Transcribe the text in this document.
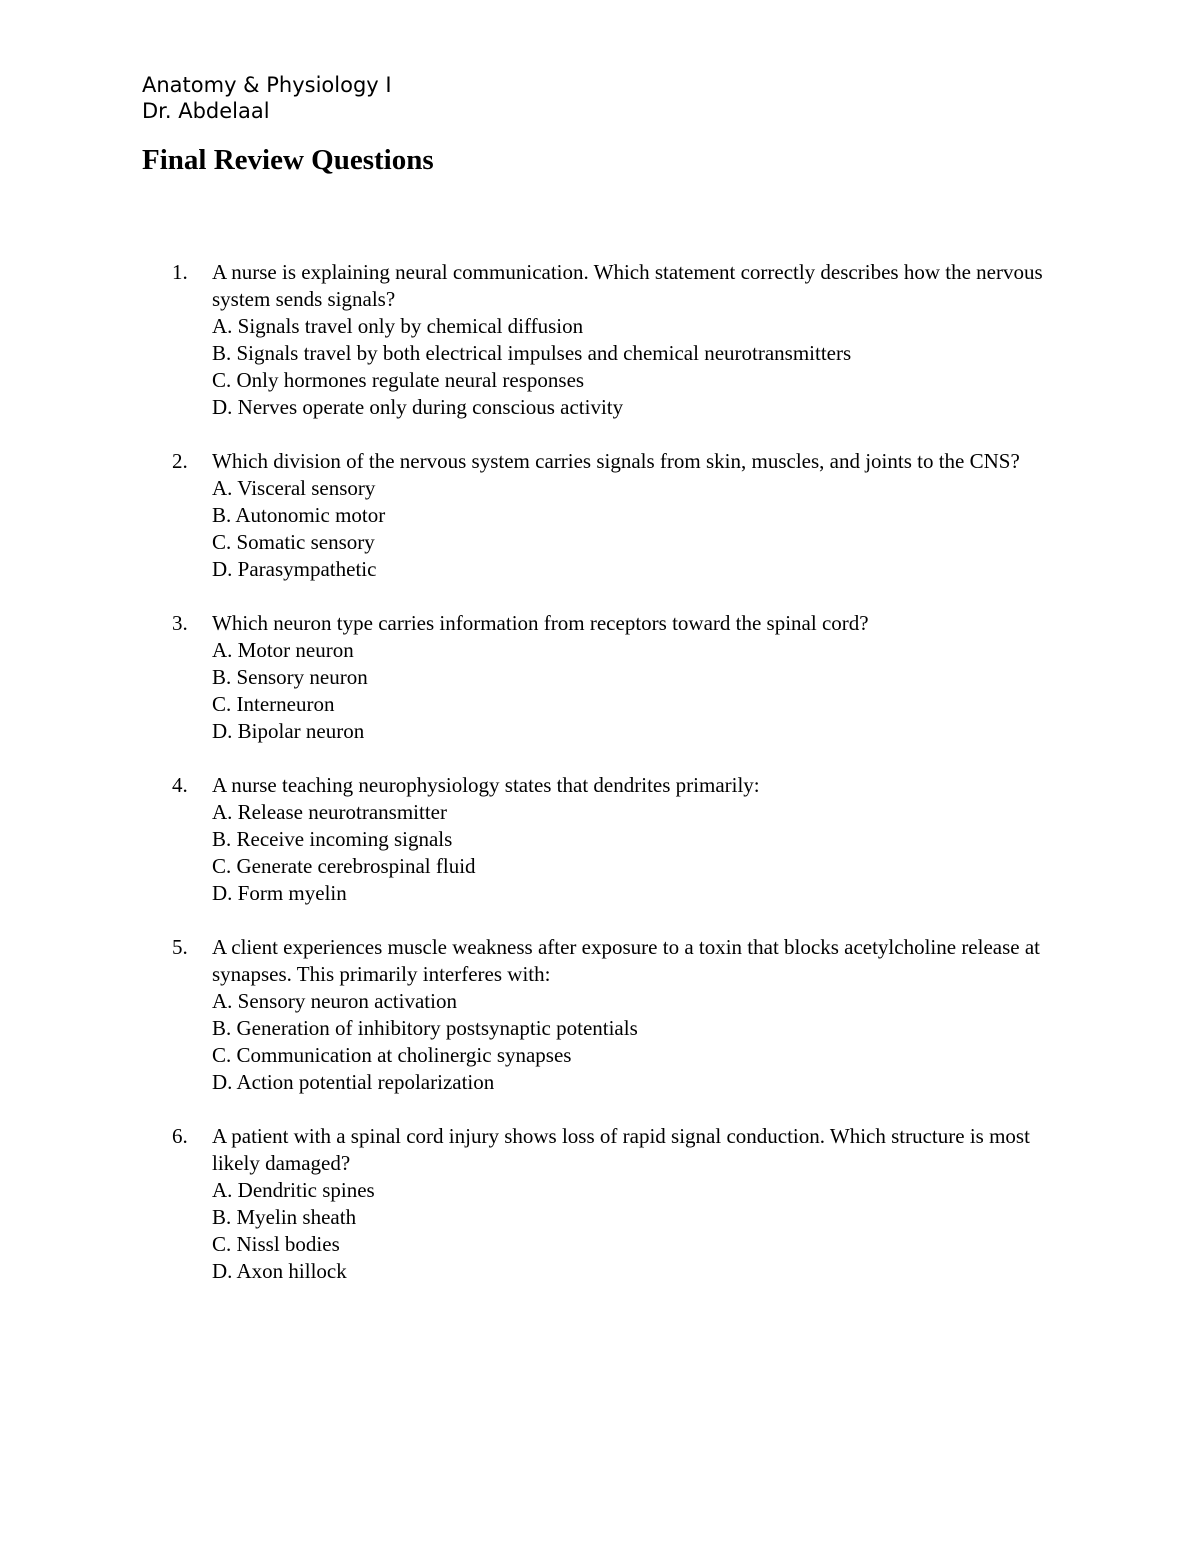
Anatomy & Physiology I
Dr. Abdelaal
Final Review Questions
1. A nurse is explaining neural communication. Which statement correctly describes how the nervous system sends signals?
A. Signals travel only by chemical diffusion
B. Signals travel by both electrical impulses and chemical neurotransmitters
C. Only hormones regulate neural responses
D. Nerves operate only during conscious activity
2. Which division of the nervous system carries signals from skin, muscles, and joints to the CNS?
A. Visceral sensory
B. Autonomic motor
C. Somatic sensory
D. Parasympathetic
3. Which neuron type carries information from receptors toward the spinal cord?
A. Motor neuron
B. Sensory neuron
C. Interneuron
D. Bipolar neuron
4. A nurse teaching neurophysiology states that dendrites primarily:
A. Release neurotransmitter
B. Receive incoming signals
C. Generate cerebrospinal fluid
D. Form myelin
5. A client experiences muscle weakness after exposure to a toxin that blocks acetylcholine release at synapses. This primarily interferes with:
A. Sensory neuron activation
B. Generation of inhibitory postsynaptic potentials
C. Communication at cholinergic synapses
D. Action potential repolarization
6. A patient with a spinal cord injury shows loss of rapid signal conduction. Which structure is most likely damaged?
A. Dendritic spines
B. Myelin sheath
C. Nissl bodies
D. Axon hillock
